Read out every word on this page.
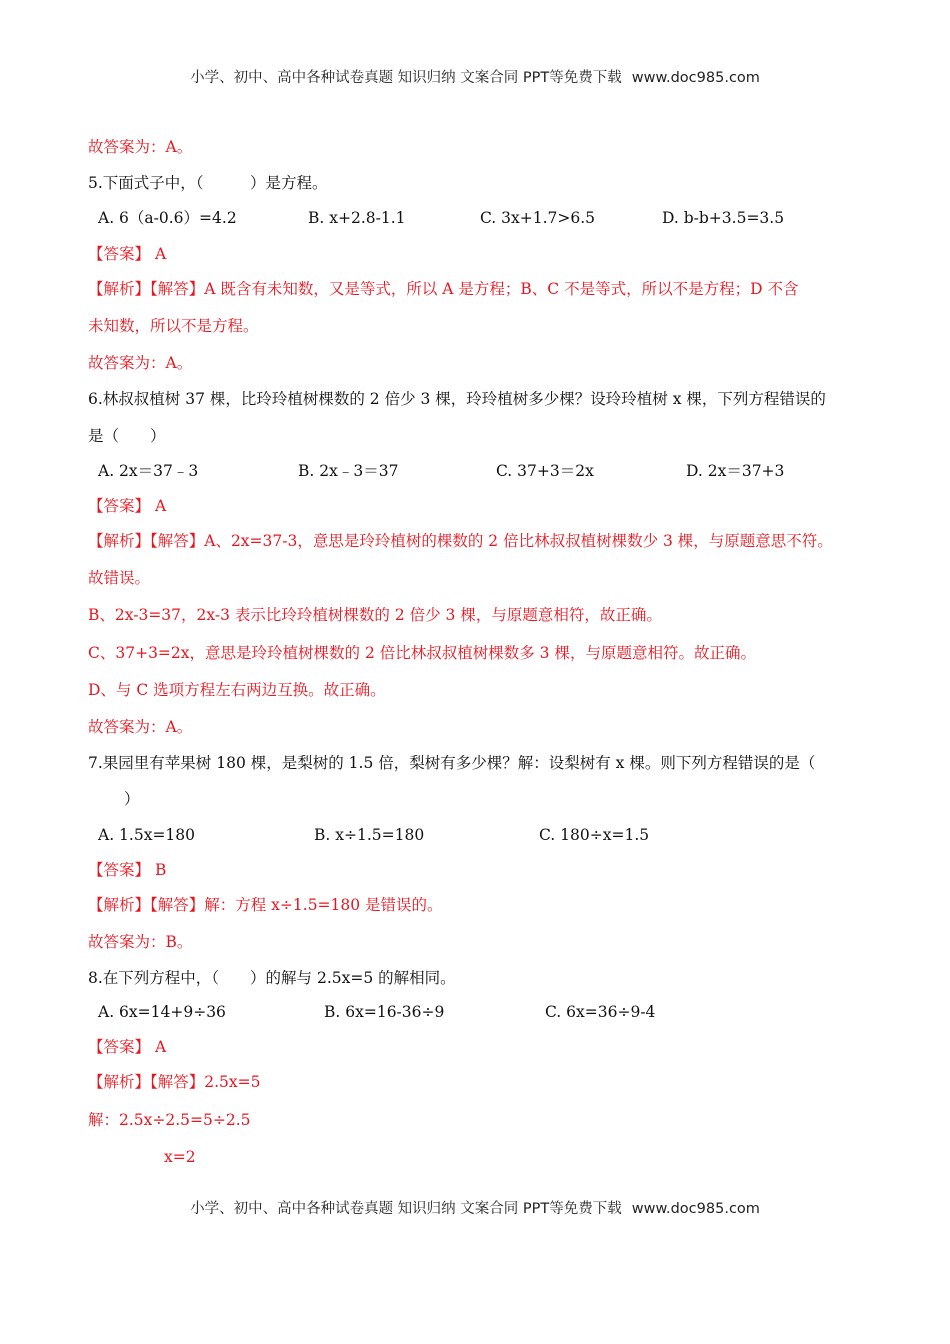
小学、初中、高中各种试卷真题 知识归纳 文案合同 PPT等免费下载 www.doc985.com
故答案为：A。
5.下面式子中，（　　　）是方程。
A. 6（a-0.6）=4.2	B. x+2.8-1.1	C. 3x+1.7>6.5	D. b-b+3.5=3.5
【答案】 A
【解析】【解答】A 既含有未知数，又是等式，所以 A 是方程；B、C 不是等式，所以不是方程；D 不含
未知数，所以不是方程。
故答案为：A。
6.林叔叔植树 37 棵，比玲玲植树棵数的 2 倍少 3 棵，玲玲植树多少棵？设玲玲植树 x 棵，下列方程错误的
是（　　）
A. 2x＝37﹣3	B. 2x﹣3＝37	C. 37+3＝2x	D. 2x＝37+3
【答案】 A
【解析】【解答】A、2x=37-3，意思是玲玲植树的棵数的 2 倍比林叔叔植树棵数少 3 棵，与原题意思不符。
故错误。
B、2x-3=37，2x-3 表示比玲玲植树棵数的 2 倍少 3 棵，与原题意相符，故正确。
C、37+3=2x，意思是玲玲植树棵数的 2 倍比林叔叔植树棵数多 3 棵，与原题意相符。故正确。
D、与 C 选项方程左右两边互换。故正确。
故答案为：A。
7.果园里有苹果树 180 棵，是梨树的 1.5 倍，梨树有多少棵？解：设梨树有 x 棵。则下列方程错误的是（
）
A. 1.5x=180	B. x÷1.5=180	C. 180÷x=1.5
【答案】 B
【解析】【解答】解：方程 x÷1.5=180 是错误的。
故答案为：B。
8.在下列方程中，（　　）的解与 2.5x=5 的解相同。
A. 6x=14+9÷36	B. 6x=16-36÷9	C. 6x=36÷9-4
【答案】 A
【解析】【解答】2.5x=5
解：2.5x÷2.5=5÷2.5
x=2
小学、初中、高中各种试卷真题 知识归纳 文案合同 PPT等免费下载 www.doc985.com
